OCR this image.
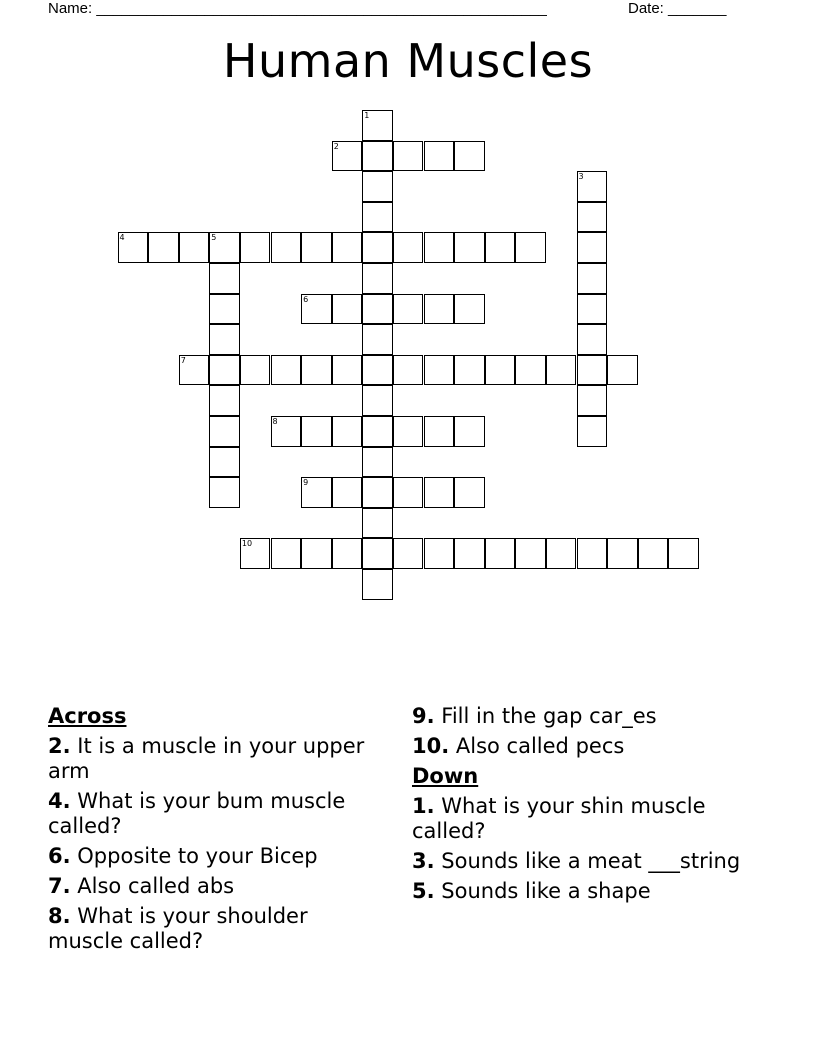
Name: ______________________________________________________	Date: _______
Human Muscles
1
2
3
4	5
6
7
8
9
10
Across
2. It is a muscle in your upper arm
4. What is your bum muscle called?
6. Opposite to your Bicep
7. Also called abs
8. What is your shoulder muscle called?
9. Fill in the gap car_es
10. Also called pecs
Down
1. What is your shin muscle called?
3. Sounds like a meat ___string
5. Sounds like a shape
